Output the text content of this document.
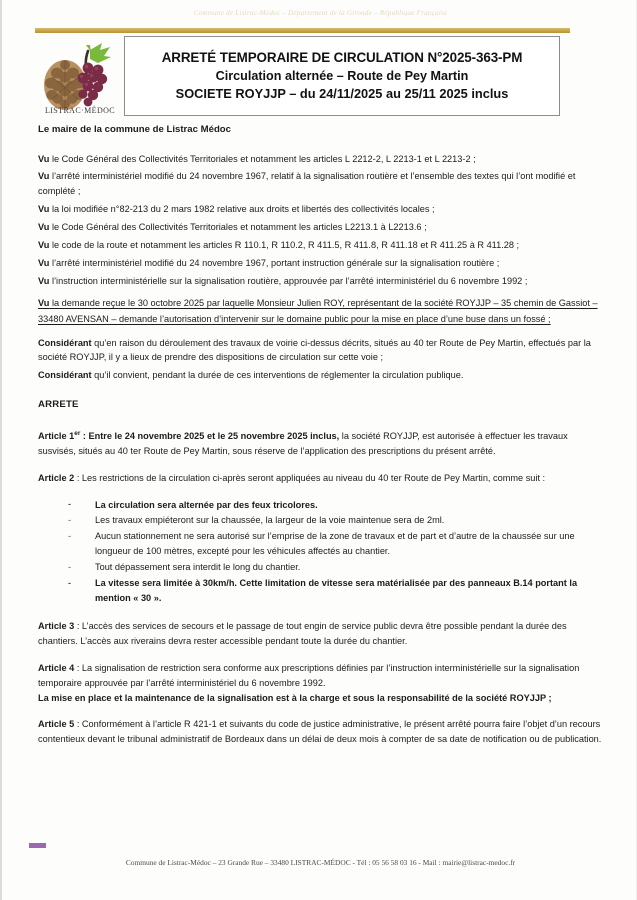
Commune de Listrac-Médoc – Département de la Gironde – République Française
LISTRAC·MÉDOC
ARRETÉ TEMPORAIRE DE CIRCULATION N°2025-363-PM
Circulation alternée – Route de Pey Martin
SOCIETE ROYJJP – du 24/11/2025 au 25/11 2025 inclus
Le maire de la commune de Listrac Médoc

Vu le Code Général des Collectivités Territoriales et notamment les articles L 2212-2, L 2213-1 et L 2213-2 ;

Vu l’arrêté interministériel modifié du 24 novembre 1967, relatif à la signalisation routière et l’ensemble des textes qui l’ont modifié et complété ;

Vu la loi modifiée n°82-213 du 2 mars 1982 relative aux droits et libertés des collectivités locales ;

Vu le Code Général des Collectivités Territoriales et notamment les articles L2213.1 à L2213.6 ;

Vu le code de la route et notamment les articles R 110.1, R 110.2, R 411.5, R 411.8, R 411.18 et R 411.25 à R 411.28 ;

Vu l’arrêté interministériel modifié du 24 novembre 1967, portant instruction générale sur la signalisation routière ;

Vu l’instruction interministérielle sur la signalisation routière, approuvée par l’arrêté interministériel du 6 novembre 1992 ;

Vu la demande reçue le 30 octobre 2025 par laquelle Monsieur Julien ROY, représentant de la société ROYJJP – 35 chemin de Gassiot – 33480 AVENSAN – demande l’autorisation d’intervenir sur le domaine public pour la mise en place d’une buse dans un fossé ;

Considérant qu’en raison du déroulement des travaux de voirie ci-dessus décrits, situés au 40 ter Route de Pey Martin, effectués par la société ROYJJP, il y a lieux de prendre des dispositions de circulation sur cette voie ;

Considérant qu’il convient, pendant la durée de ces interventions de réglementer la circulation publique.

ARRETE

Article 1er : Entre le 24 novembre 2025 et le 25 novembre 2025 inclus, la société ROYJJP, est autorisée à effectuer les travaux susvisés, situés au 40 ter Route de Pey Martin, sous réserve de l’application des prescriptions du présent arrêté.

Article 2 : Les restrictions de la circulation ci-après seront appliquées au niveau du 40 ter Route de Pey Martin, comme suit :

- La circulation sera alternée par des feux tricolores.
- Les travaux empiéteront sur la chaussée, la largeur de la voie maintenue sera de 2ml.
- Aucun stationnement ne sera autorisé sur l’emprise de la zone de travaux et de part et d’autre de la chaussée sur une longueur de 100 mètres, excepté pour les véhicules affectés au chantier.
- Tout dépassement sera interdit le long du chantier.
- La vitesse sera limitée à 30km/h. Cette limitation de vitesse sera matérialisée par des panneaux B.14 portant la mention « 30 ».

Article 3 : L’accès des services de secours et le passage de tout engin de service public devra être possible pendant la durée des chantiers. L’accès aux riverains devra rester accessible pendant toute la durée du chantier.

Article 4 : La signalisation de restriction sera conforme aux prescriptions définies par l’instruction interministérielle sur la signalisation temporaire approuvée par l’arrêté interministériel du 6 novembre 1992.
La mise en place et la maintenance de la signalisation est à la charge et sous la responsabilité de la société ROYJJP ;

Article 5 : Conformément à l’article R 421-1 et suivants du code de justice administrative, le présent arrêté pourra faire l’objet d’un recours contentieux devant le tribunal administratif de Bordeaux dans un délai de deux mois à compter de sa date de notification ou de publication.

Commune de Listrac-Médoc – 23 Grande Rue – 33480 LISTRAC-MÉDOC - Tél : 05 56 58 03 16 - Mail : mairie@listrac-medoc.fr
